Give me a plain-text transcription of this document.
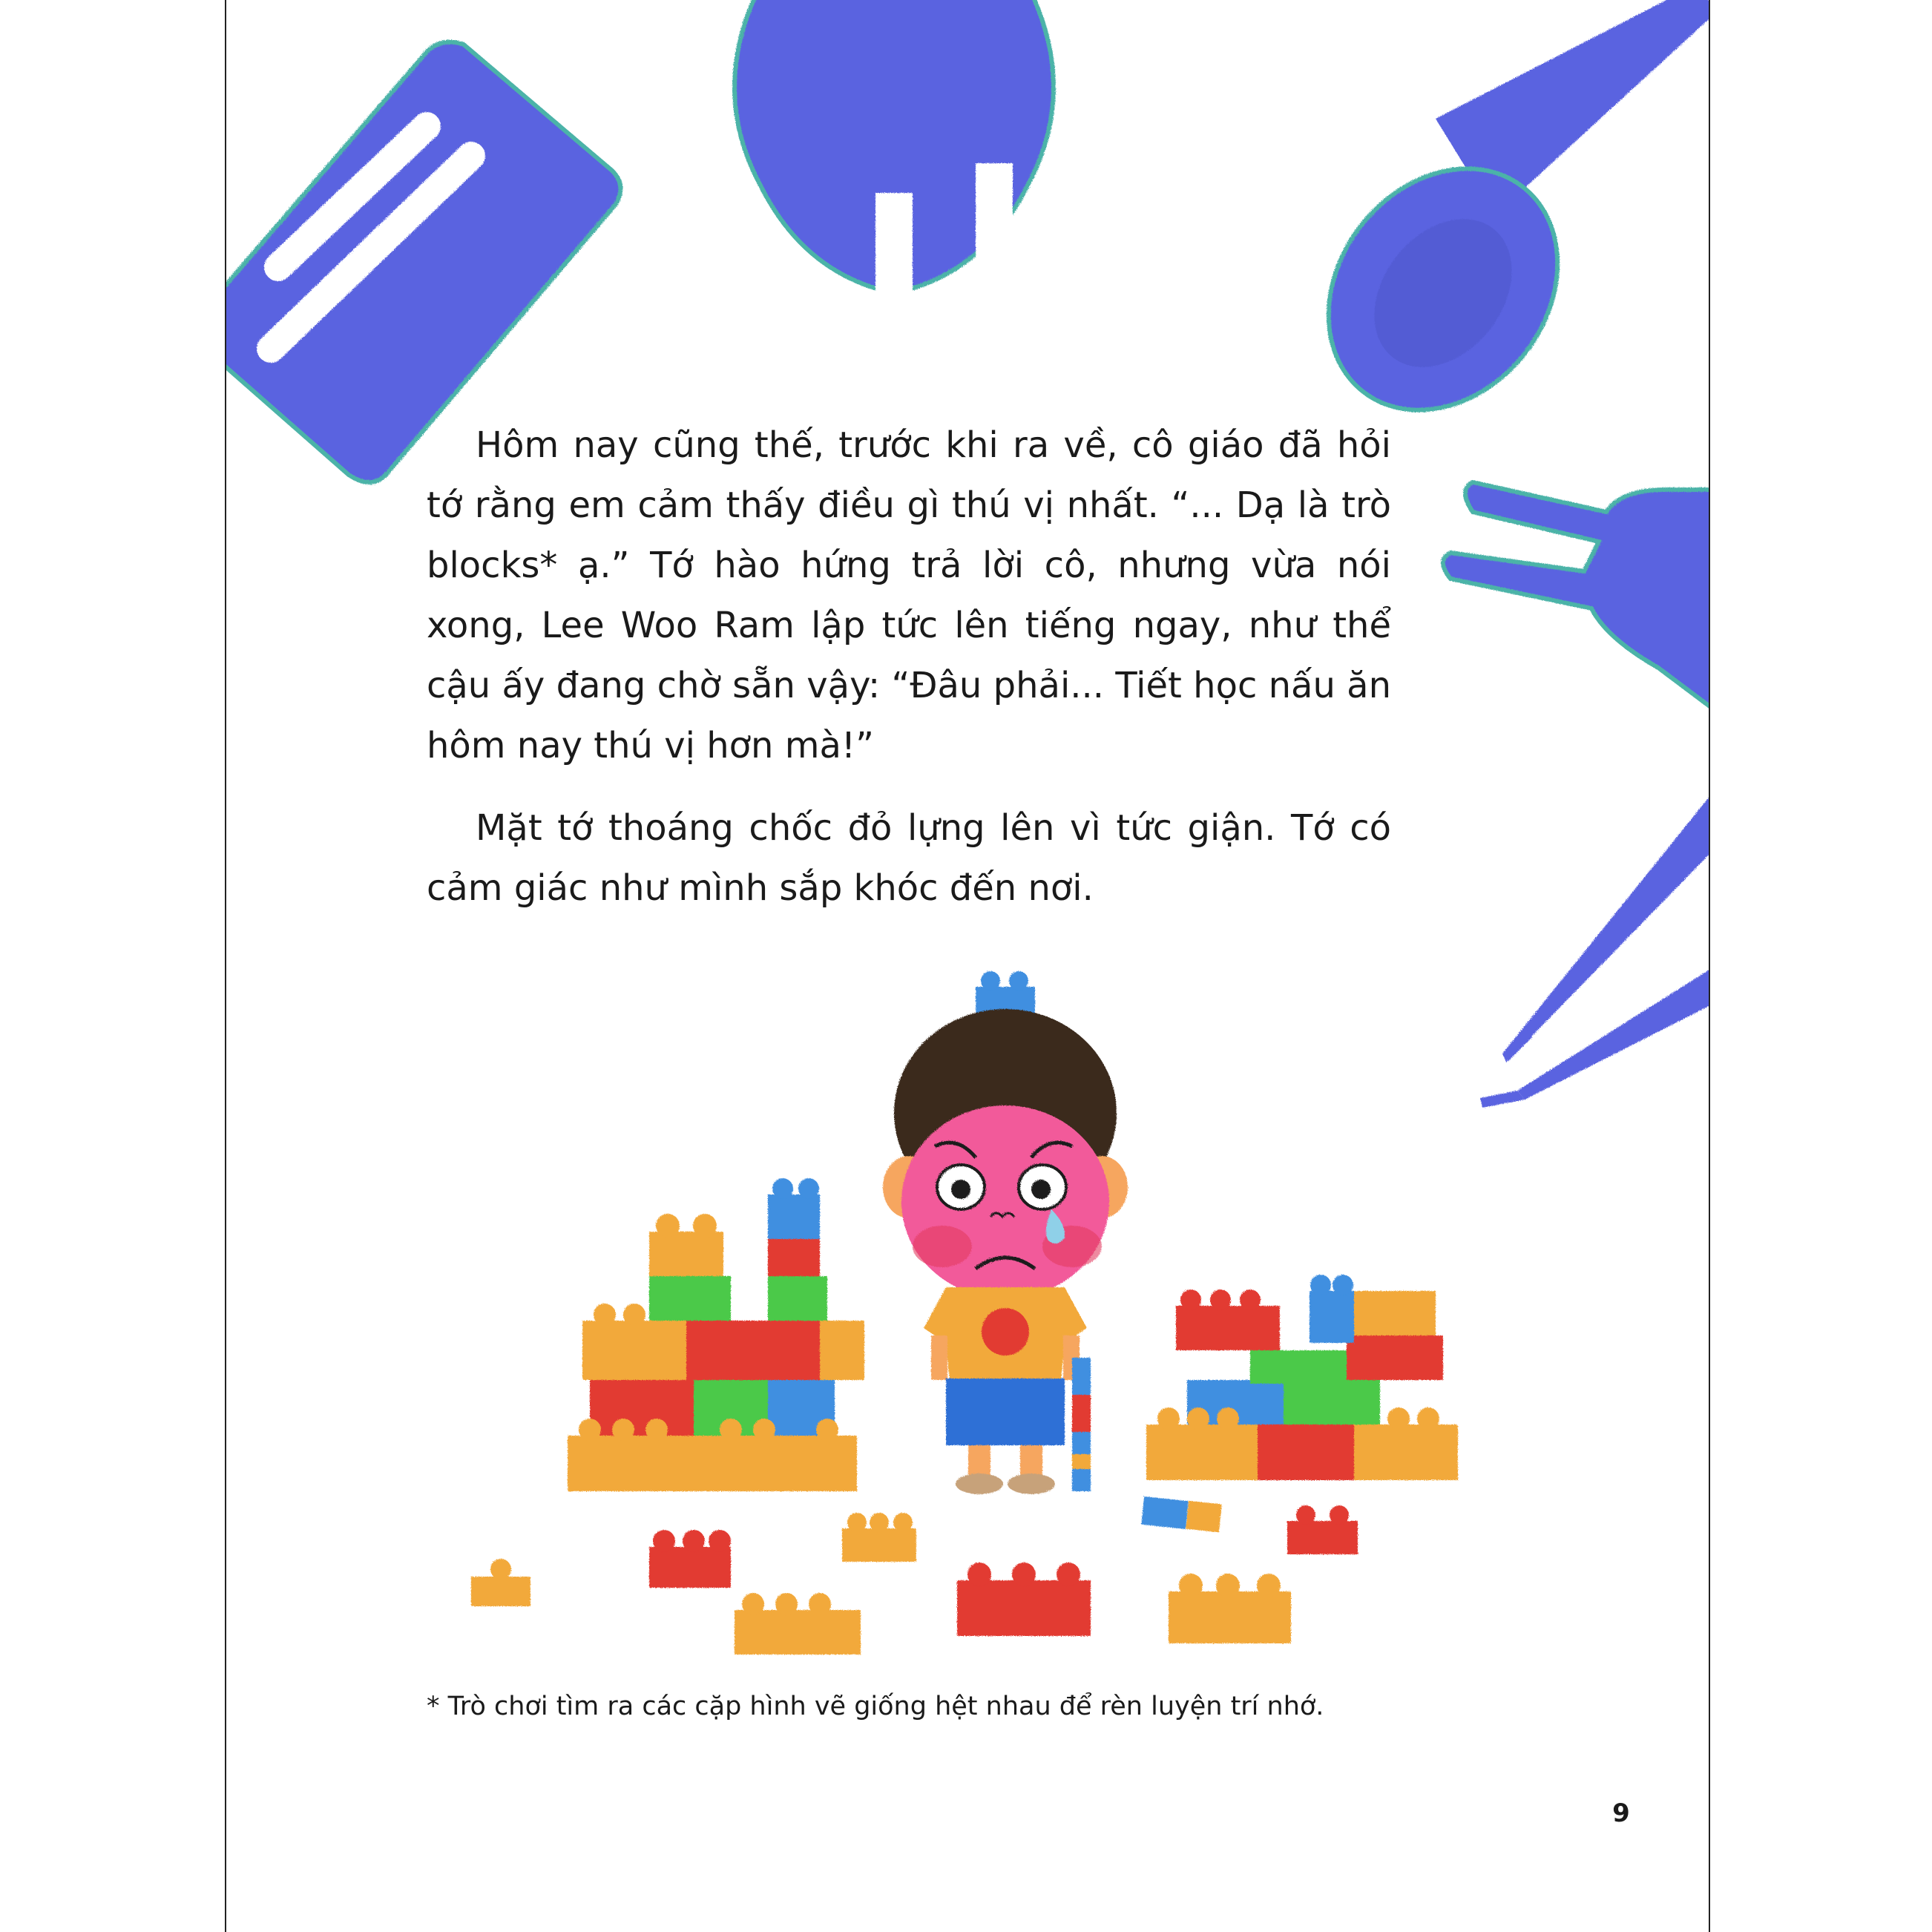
Hôm nay cũng thế, trước khi ra về, cô giáo đã hỏi tớ rằng em cảm thấy điều gì thú vị nhất. “... Dạ là trò blocks* ạ.” Tớ hào hứng trả lời cô, nhưng vừa nói xong, Lee Woo Ram lập tức lên tiếng ngay, như thể cậu ấy đang chờ sẵn vậy: “Đâu phải... Tiết học nấu ăn hôm nay thú vị hơn mà!”

Mặt tớ thoáng chốc đỏ lựng lên vì tức giận. Tớ có cảm giác như mình sắp khóc đến nơi.

* Trò chơi tìm ra các cặp hình vẽ giống hệt nhau để rèn luyện trí nhớ.

9
